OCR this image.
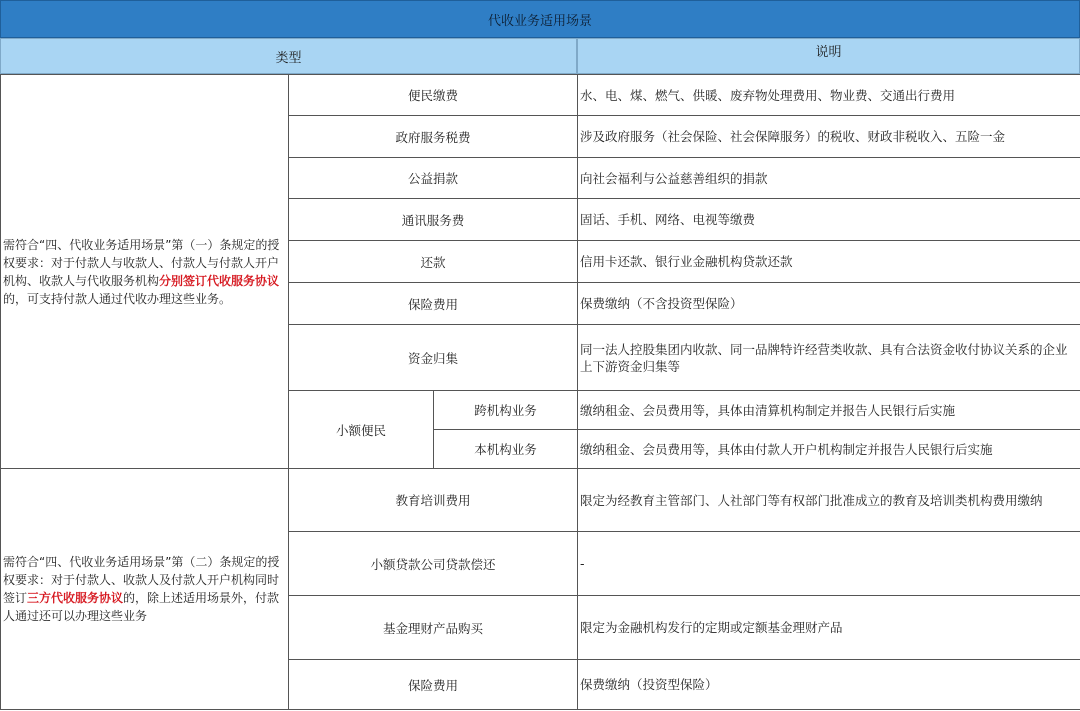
代收业务适用场景
类型	说明
需符合“四、代收业务适用场景”第（一）条规定的授权要求：对于付款人与收款人、付款人与付款人开户机构、收款人与代收服务机构分别签订代收服务协议的，可支持付款人通过代收办理这些业务。	便民缴费		水、电、煤、燃气、供暖、废弃物处理费用、物业费、交通出行费用
	政府服务税费		涉及政府服务（社会保险、社会保障服务）的税收、财政非税收入、五险一金
	公益捐款		向社会福利与公益慈善组织的捐款
	通讯服务费		固话、手机、网络、电视等缴费
	还款		信用卡还款、银行业金融机构贷款还款
	保险费用		保费缴纳（不含投资型保险）
	资金归集		同一法人控股集团内收款、同一品牌特许经营类收款、具有合法资金收付协议关系的企业上下游资金归集等
	小额便民	跨机构业务	缴纳租金、会员费用等，具体由清算机构制定并报告人民银行后实施
		本机构业务	缴纳租金、会员费用等，具体由付款人开户机构制定并报告人民银行后实施
需符合“四、代收业务适用场景”第（二）条规定的授权要求：对于付款人、收款人及付款人开户机构同时签订三方代收服务协议的，除上述适用场景外，付款人通过还可以办理这些业务	教育培训费用		限定为经教育主管部门、人社部门等有权部门批准成立的教育及培训类机构费用缴纳
	小额贷款公司贷款偿还		-
	基金理财产品购买		限定为金融机构发行的定期或定额基金理财产品
	保险费用		保费缴纳（投资型保险）
